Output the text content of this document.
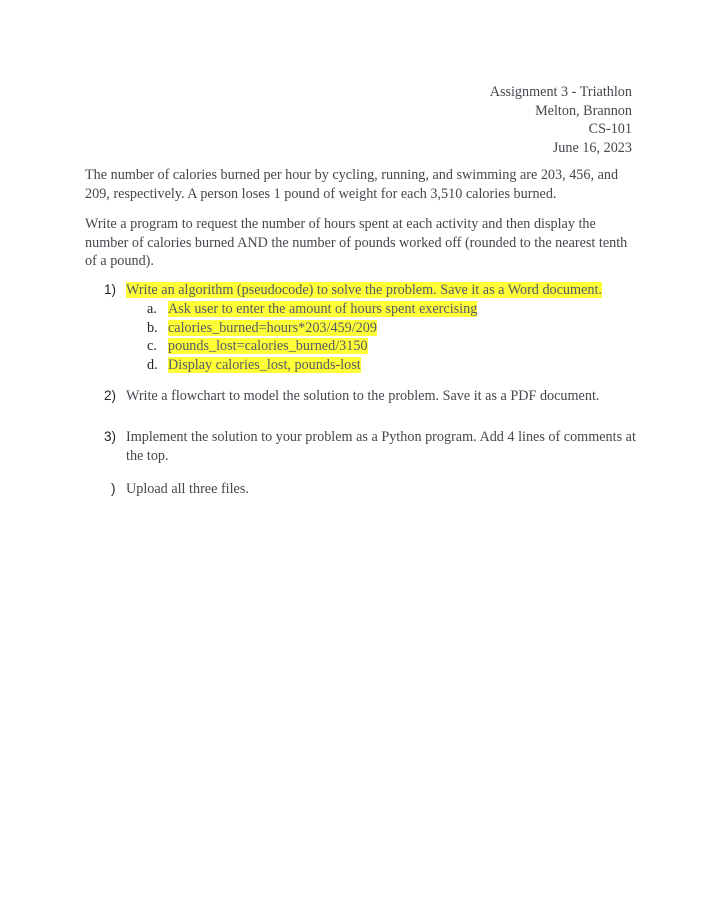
Assignment 3 - Triathlon
Melton, Brannon
CS-101
June 16, 2023
The number of calories burned per hour by cycling, running, and swimming are 203, 456, and 209, respectively. A person loses 1 pound of weight for each 3,510 calories burned.
Write a program to request the number of hours spent at each activity and then display the number of calories burned AND the number of pounds worked off (rounded to the nearest tenth of a pound).
1) Write an algorithm (pseudocode) to solve the problem. Save it as a Word document.
a. Ask user to enter the amount of hours spent exercising
b. calories_burned=hours*203/459/209
c. pounds_lost=calories_burned/3150
d. Display calories_lost, pounds-lost
2) Write a flowchart to model the solution to the problem. Save it as a PDF document.
3) Implement the solution to your problem as a Python program. Add 4 lines of comments at the top.
) Upload all three files.
